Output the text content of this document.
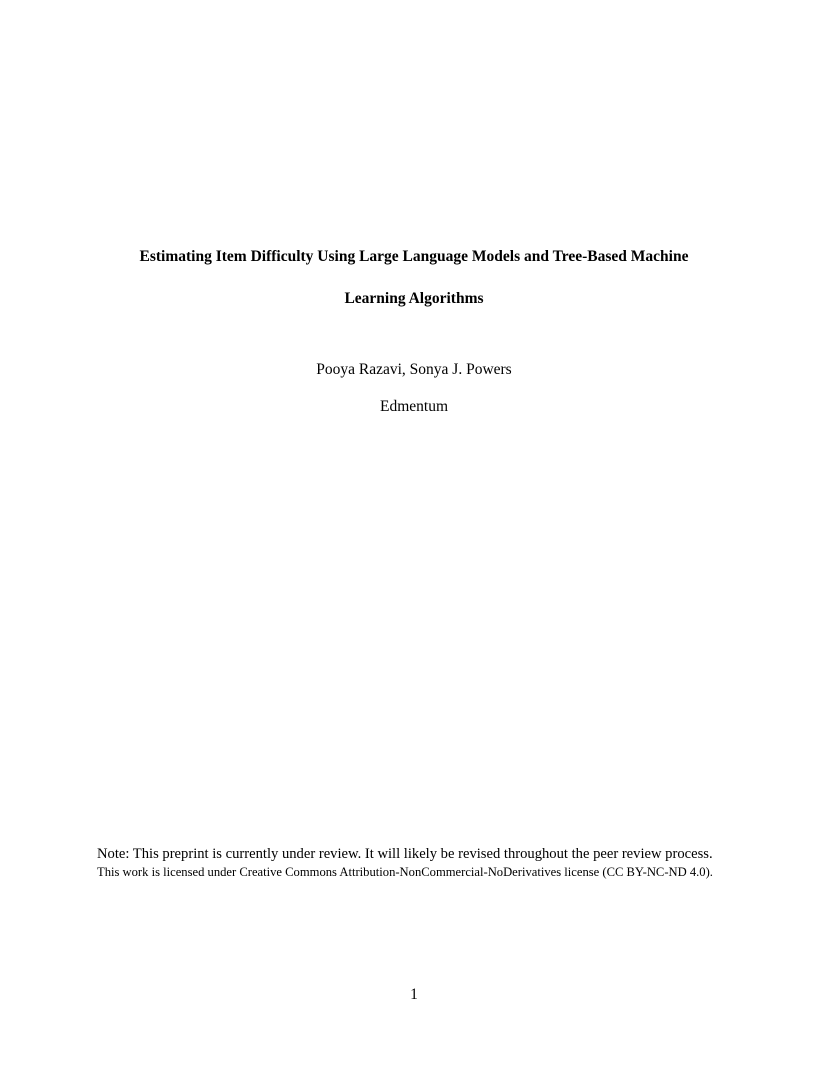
Estimating Item Difficulty Using Large Language Models and Tree-Based Machine
Learning Algorithms
Pooya Razavi, Sonya J. Powers
Edmentum
Note: This preprint is currently under review. It will likely be revised throughout the peer review process.
This work is licensed under Creative Commons Attribution-NonCommercial-NoDerivatives license (CC BY-NC-ND 4.0).
1
